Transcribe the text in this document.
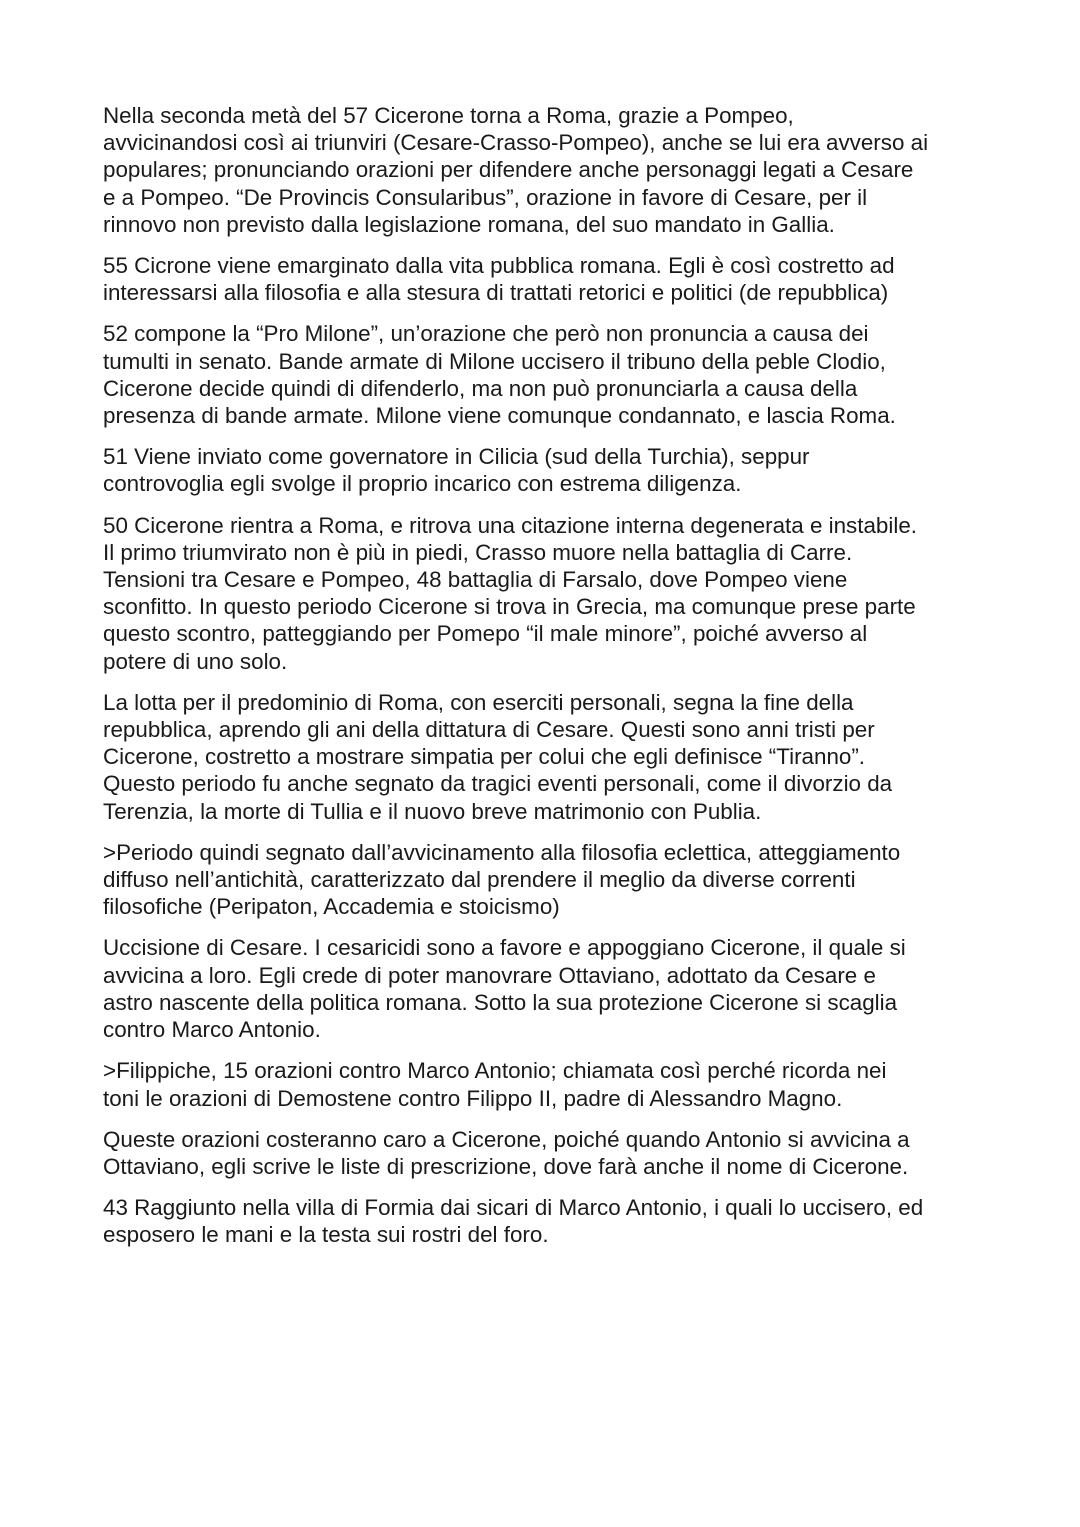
Nella seconda metà del 57 Cicerone torna a Roma, grazie a Pompeo,
avvicinandosi così ai triunviri (Cesare-Crasso-Pompeo), anche se lui era avverso ai
populares; pronunciando orazioni per difendere anche personaggi legati a Cesare
e a Pompeo. “De Provincis Consularibus”, orazione in favore di Cesare, per il
rinnovo non previsto dalla legislazione romana, del suo mandato in Gallia.

55 Cicrone viene emarginato dalla vita pubblica romana. Egli è così costretto ad
interessarsi alla filosofia e alla stesura di trattati retorici e politici (de repubblica)

52 compone la “Pro Milone”, un’orazione che però non pronuncia a causa dei
tumulti in senato. Bande armate di Milone uccisero il tribuno della peble Clodio,
Cicerone decide quindi di difenderlo, ma non può pronunciarla a causa della
presenza di bande armate. Milone viene comunque condannato, e lascia Roma.

51 Viene inviato come governatore in Cilicia (sud della Turchia), seppur
controvoglia egli svolge il proprio incarico con estrema diligenza.

50 Cicerone rientra a Roma, e ritrova una citazione interna degenerata e instabile.
Il primo triumvirato non è più in piedi, Crasso muore nella battaglia di Carre.
Tensioni tra Cesare e Pompeo, 48 battaglia di Farsalo, dove Pompeo viene
sconfitto. In questo periodo Cicerone si trova in Grecia, ma comunque prese parte
questo scontro, patteggiando per Pomepo “il male minore”, poiché avverso al
potere di uno solo.

La lotta per il predominio di Roma, con eserciti personali, segna la fine della
repubblica, aprendo gli ani della dittatura di Cesare. Questi sono anni tristi per
Cicerone, costretto a mostrare simpatia per colui che egli definisce “Tiranno”.
Questo periodo fu anche segnato da tragici eventi personali, come il divorzio da
Terenzia, la morte di Tullia e il nuovo breve matrimonio con Publia.

>Periodo quindi segnato dall’avvicinamento alla filosofia eclettica, atteggiamento
diffuso nell’antichità, caratterizzato dal prendere il meglio da diverse correnti
filosofiche (Peripaton, Accademia e stoicismo)

Uccisione di Cesare. I cesaricidi sono a favore e appoggiano Cicerone, il quale si
avvicina a loro. Egli crede di poter manovrare Ottaviano, adottato da Cesare e
astro nascente della politica romana. Sotto la sua protezione Cicerone si scaglia
contro Marco Antonio.

>Filippiche, 15 orazioni contro Marco Antonio; chiamata così perché ricorda nei
toni le orazioni di Demostene contro Filippo II, padre di Alessandro Magno.

Queste orazioni costeranno caro a Cicerone, poiché quando Antonio si avvicina a
Ottaviano, egli scrive le liste di prescrizione, dove farà anche il nome di Cicerone.

43 Raggiunto nella villa di Formia dai sicari di Marco Antonio, i quali lo uccisero, ed
esposero le mani e la testa sui rostri del foro.
